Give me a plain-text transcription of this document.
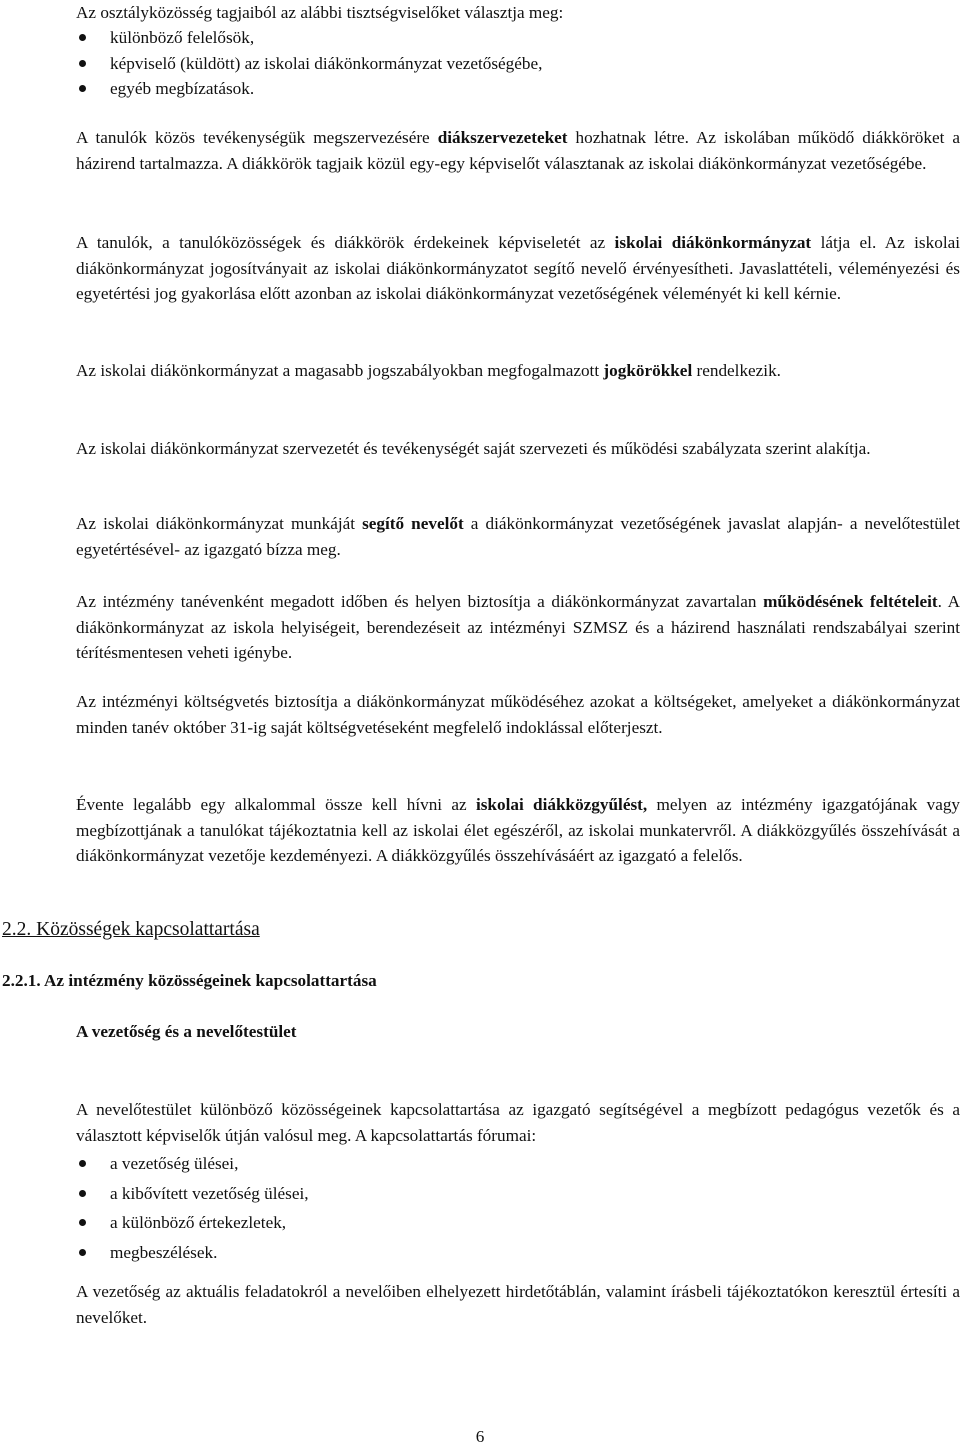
Az osztályközösség tagjaiból az alábbi tisztségviselőket választja meg:
különböző felelősök,
képviselő (küldött) az iskolai diákönkormányzat vezetőségébe,
egyéb megbízatások.
A tanulók közös tevékenységük megszervezésére diákszervezeteket hozhatnak létre. Az iskolában működő diákköröket a házirend tartalmazza. A diákkörök tagjaik közül egy-egy képviselőt választanak az iskolai diákönkormányzat vezetőségébe.
A tanulók, a tanulóközösségek és diákkörök érdekeinek képviseletét az iskolai diákönkormányzat látja el. Az iskolai diákönkormányzat jogosítványait az iskolai diákönkormányzatot segítő nevelő érvényesítheti. Javaslattételi, véleményezési és egyetértési jog gyakorlása előtt azonban az iskolai diákönkormányzat vezetőségének véleményét ki kell kérnie.
Az iskolai diákönkormányzat a magasabb jogszabályokban megfogalmazott jogkörökkel rendelkezik.
Az iskolai diákönkormányzat szervezetét és tevékenységét saját szervezeti és működési szabályzata szerint alakítja.
Az iskolai diákönkormányzat munkáját segítő nevelőt a diákönkormányzat vezetőségének javaslat alapján- a nevelőtestület egyetértésével- az igazgató bízza meg.
Az intézmény tanévenként megadott időben és helyen biztosítja a diákönkormányzat zavartalan működésének feltételeit. A diákönkormányzat az iskola helyiségeit, berendezéseit az intézményi SZMSZ és a házirend használati rendszabályai szerint térítésmentesen veheti igénybe.
Az intézményi költségvetés biztosítja a diákönkormányzat működéséhez azokat a költségeket, amelyeket a diákönkormányzat minden tanév október 31-ig saját költségvetéseként megfelelő indoklással előterjeszt.
Évente legalább egy alkalommal össze kell hívni az iskolai diákközgyűlést, melyen az intézmény igazgatójának vagy megbízottjának a tanulókat tájékoztatnia kell az iskolai élet egészéről, az iskolai munkatervről. A diákközgyűlés összehívását a diákönkormányzat vezetője kezdeményezi. A diákközgyűlés összehívásáért az igazgató a felelős.
2.2. Közösségek kapcsolattartása
2.2.1. Az intézmény közösségeinek kapcsolattartása
A vezetőség és a nevelőtestület
A nevelőtestület különböző közösségeinek kapcsolattartása az igazgató segítségével a megbízott pedagógus vezetők és a választott képviselők útján valósul meg. A kapcsolattartás fórumai:
a vezetőség ülései,
a kibővített vezetőség ülései,
a különböző értekezletek,
megbeszélések.
A vezetőség az aktuális feladatokról a nevelőiben elhelyezett hirdetőtáblán, valamint írásbeli tájékoztatókon keresztül értesíti a nevelőket.
6
